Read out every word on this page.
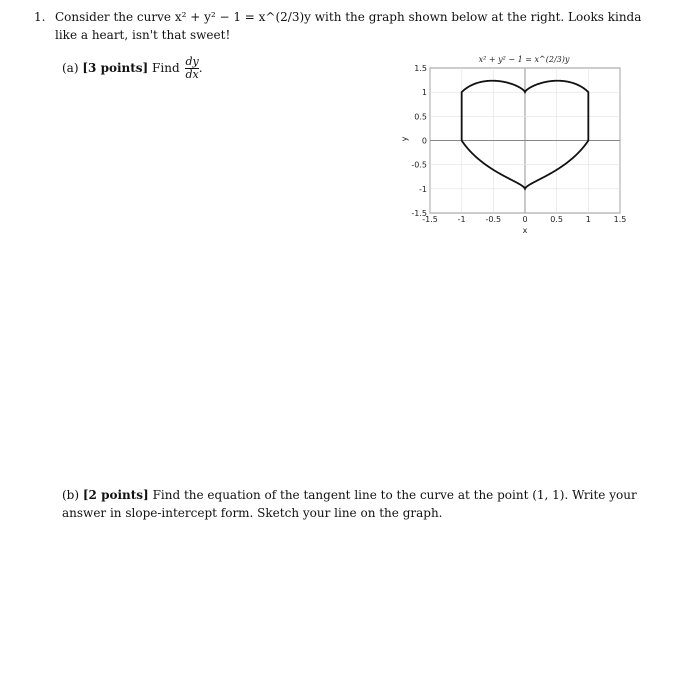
1. Consider the curve x² + y² − 1 = x^(2/3)y with the graph shown below at the right. Looks kinda like a heart, isn't that sweet!
(a) [3 points] Find $\frac{dy}{dx}$ .
x² + y² − 1 = x^(2/3)y
1.5
1
0.5
0
-0.5
-1
-1.5
-1.5 -1 -0.5	0	0.5	1	1.5
y
x
(b) [2 points] Find the equation of the tangent line to the curve at the point (1, 1). Write your answer in slope-intercept form. Sketch your line on the graph.
